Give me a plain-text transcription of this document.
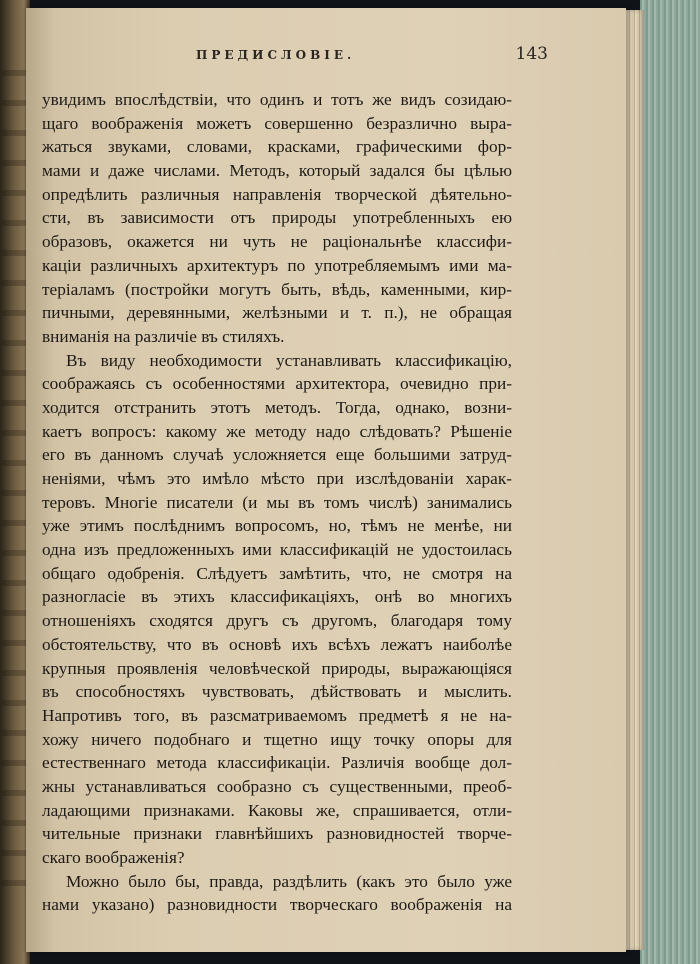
ПРЕДИСЛОВІЕ.	143
увидимъ впослѣдствіи, что одинъ и тотъ же видъ созидаю-
щаго воображенія можетъ совершенно безразлично выра-
жаться звуками, словами, красками, графическими фор-
мами и даже числами. Методъ, который задался бы цѣлью
опредѣлить различныя направленія творческой дѣятельно-
сти, въ зависимости отъ природы употребленныхъ ею
образовъ, окажется ни чуть не раціональнѣе классифи-
каціи различныхъ архитектуръ по употребляемымъ ими ма-
теріаламъ (постройки могутъ быть, вѣдь, каменными, кир-
пичными, деревянными, желѣзными и т. п.), не обращая
вниманія на различіе въ стиляхъ.
Въ виду необходимости устанавливать классификацію,
соображаясь съ особенностями архитектора, очевидно при-
ходится отстранить этотъ методъ. Тогда, однако, возни-
каетъ вопросъ: какому же методу надо слѣдовать? Рѣшеніе
его въ данномъ случаѣ усложняется еще большими затруд-
неніями, чѣмъ это имѣло мѣсто при изслѣдованіи харак-
теровъ. Многіе писатели (и мы въ томъ числѣ) занимались
уже этимъ послѣднимъ вопросомъ, но, тѣмъ не менѣе, ни
одна изъ предложенныхъ ими классификацій не удостоилась
общаго одобренія. Слѣдуетъ замѣтить, что, не смотря на
разногласіе въ этихъ классификаціяхъ, онѣ во многихъ
отношеніяхъ сходятся другъ съ другомъ, благодаря тому
обстоятельству, что въ основѣ ихъ всѣхъ лежатъ наиболѣе
крупныя проявленія человѣческой природы, выражающіяся
въ способностяхъ чувствовать, дѣйствовать и мыслить.
Напротивъ того, въ разсматриваемомъ предметѣ я не на-
хожу ничего подобнаго и тщетно ищу точку опоры для
естественнаго метода классификаціи. Различія вообще дол-
жны устанавливаться сообразно съ существенными, преоб-
ладающими признаками. Каковы же, спрашивается, отли-
чительные признаки главнѣйшихъ разновидностей творче-
скаго воображенія?
Можно было бы, правда, раздѣлить (какъ это было уже
нами указано) разновидности творческаго воображенія на
